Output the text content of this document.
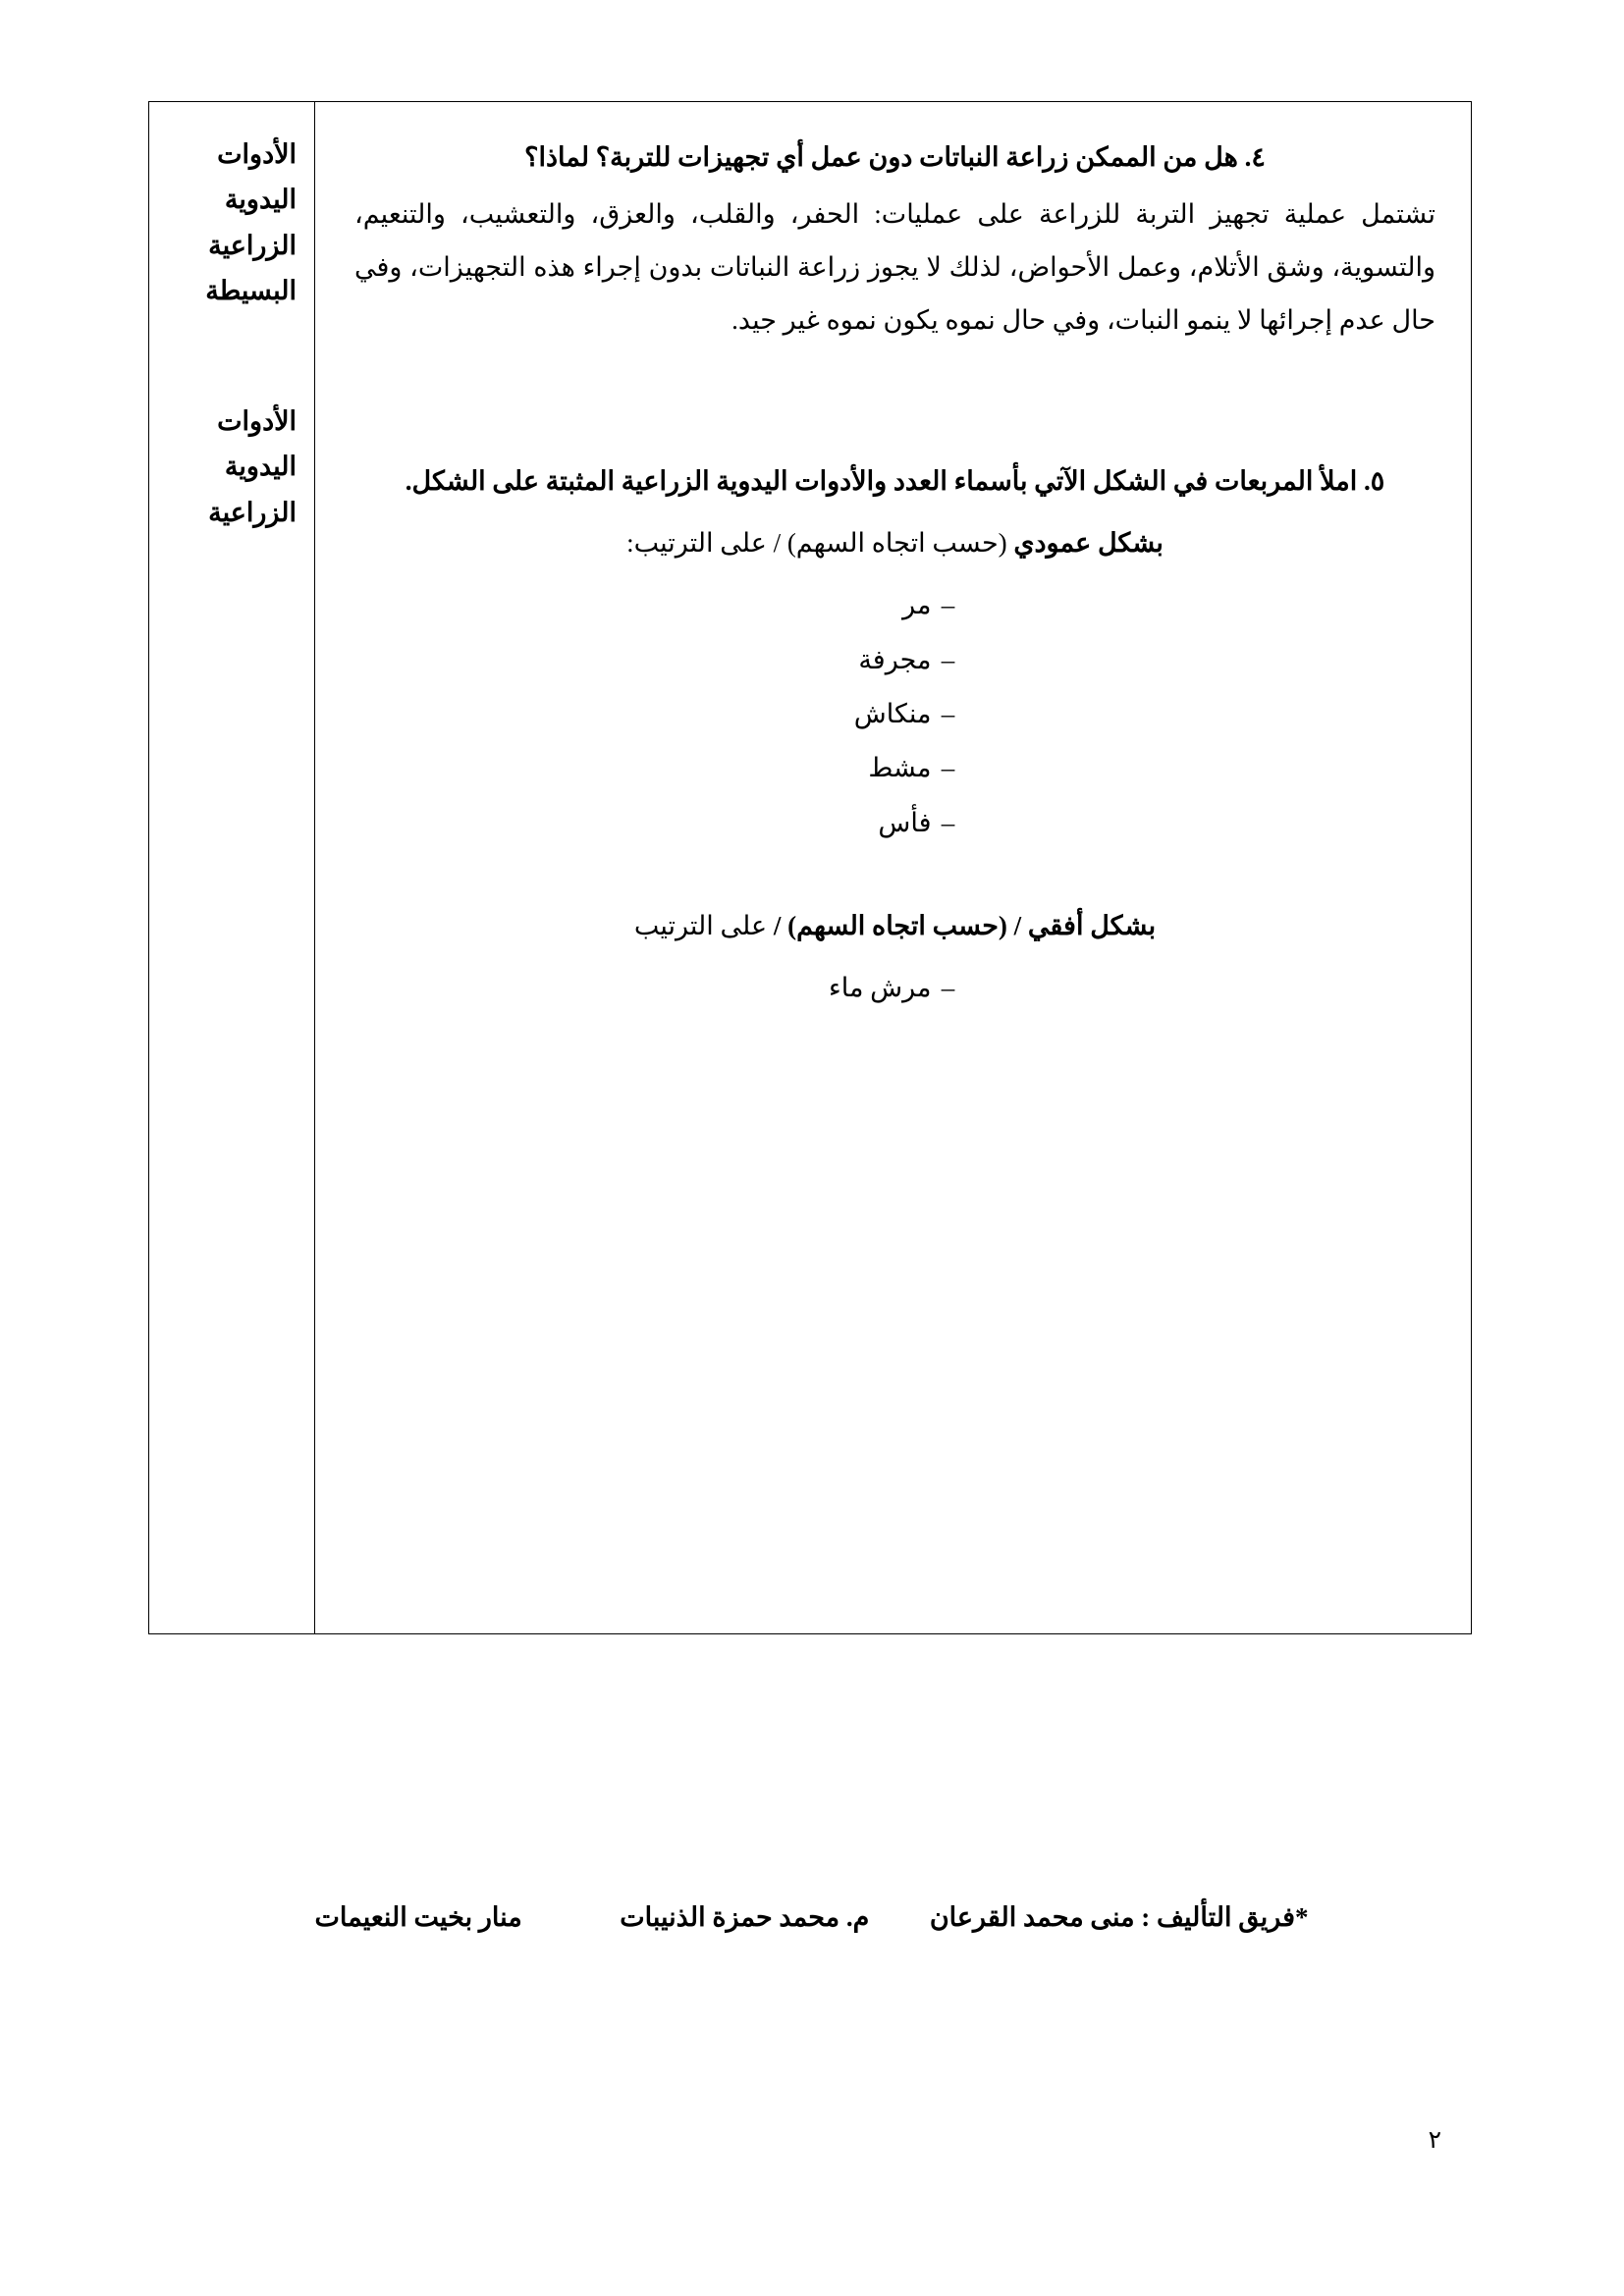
٤. هل من الممكن زراعة النباتات دون عمل أي تجهيزات للتربة؟ لماذا؟
تشتمل عملية تجهيز التربة للزراعة على عمليات: الحفر، والقلب، والعزق، والتعشيب، والتنعيم، والتسوية، وشق الأتلام، وعمل الأحواض، لذلك لا يجوز زراعة النباتات بدون إجراء هذه التجهيزات، وفي حال عدم إجرائها لا ينمو النبات، وفي حال نموه يكون نموه غير جيد.
٥. املأ المربعات في الشكل الآتي بأسماء العدد والأدوات اليدوية الزراعية المثبتة على الشكل.
بشكل عمودي (حسب اتجاه السهم) / على الترتيب:
–مر
–مجرفة
–منكاش
–مشط
–فأس
بشكل أفقي / (حسب اتجاه السهم) / على الترتيب
–مرش ماء

الأدوات
اليدوية
الزراعية
البسيطة
الأدوات
اليدوية
الزراعية
*فريق التأليف : منى محمد القرعان  م. محمد حمزة الذنيبات  منار بخيت النعيمات
٢
